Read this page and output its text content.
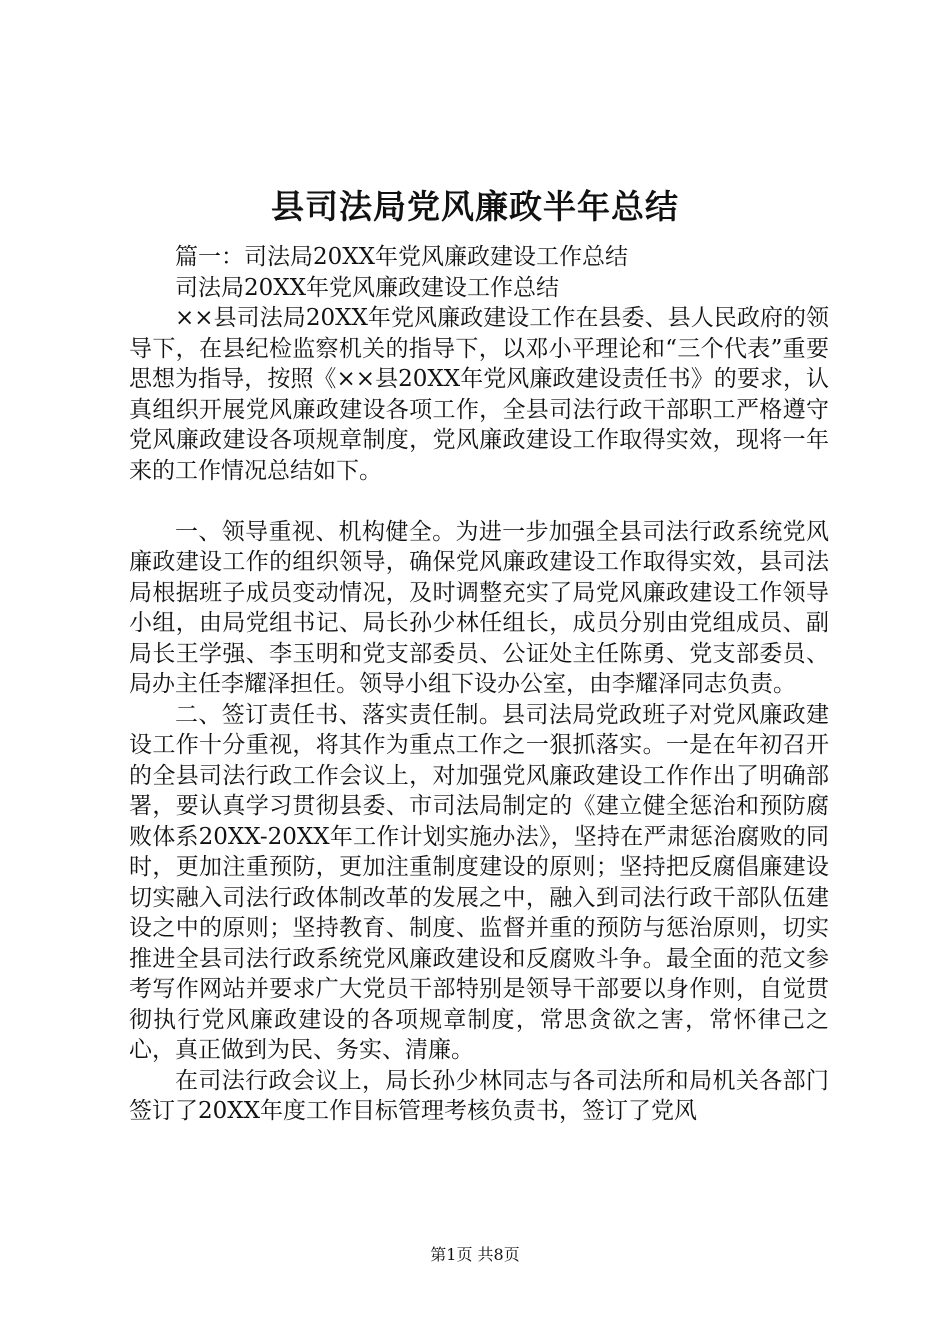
县司法局党风廉政半年总结

篇一：司法局20XX年党风廉政建设工作总结

司法局20XX年党风廉政建设工作总结

××县司法局20XX年党风廉政建设工作在县委、县人民政府的领导下，在县纪检监察机关的指导下，以邓小平理论和“三个代表”重要思想为指导，按照《××县20XX年党风廉政建设责任书》的要求，认真组织开展党风廉政建设各项工作，全县司法行政干部职工严格遵守党风廉政建设各项规章制度，党风廉政建设工作取得实效，现将一年来的工作情况总结如下。

一、领导重视、机构健全。为进一步加强全县司法行政系统党风廉政建设工作的组织领导，确保党风廉政建设工作取得实效，县司法局根据班子成员变动情况，及时调整充实了局党风廉政建设工作领导小组，由局党组书记、局长孙少林任组长，成员分别由党组成员、副局长王学强、李玉明和党支部委员、公证处主任陈勇、党支部委员、局办主任李耀泽担任。领导小组下设办公室，由李耀泽同志负责。

二、签订责任书、落实责任制。县司法局党政班子对党风廉政建设工作十分重视，将其作为重点工作之一狠抓落实。一是在年初召开的全县司法行政工作会议上，对加强党风廉政建设工作作出了明确部署，要认真学习贯彻县委、市司法局制定的《建立健全惩治和预防腐败体系20XX-20XX年工作计划实施办法》，坚持在严肃惩治腐败的同时，更加注重预防，更加注重制度建设的原则；坚持把反腐倡廉建设切实融入司法行政体制改革的发展之中，融入到司法行政干部队伍建设之中的原则；坚持教育、制度、监督并重的预防与惩治原则，切实推进全县司法行政系统党风廉政建设和反腐败斗争。最全面的范文参考写作网站并要求广大党员干部特别是领导干部要以身作则，自觉贯彻执行党风廉政建设的各项规章制度，常思贪欲之害，常怀律己之心，真正做到为民、务实、清廉。

在司法行政会议上，局长孙少林同志与各司法所和局机关各部门签订了20XX年度工作目标管理考核负责书，签订了党风

第1页 共8页
